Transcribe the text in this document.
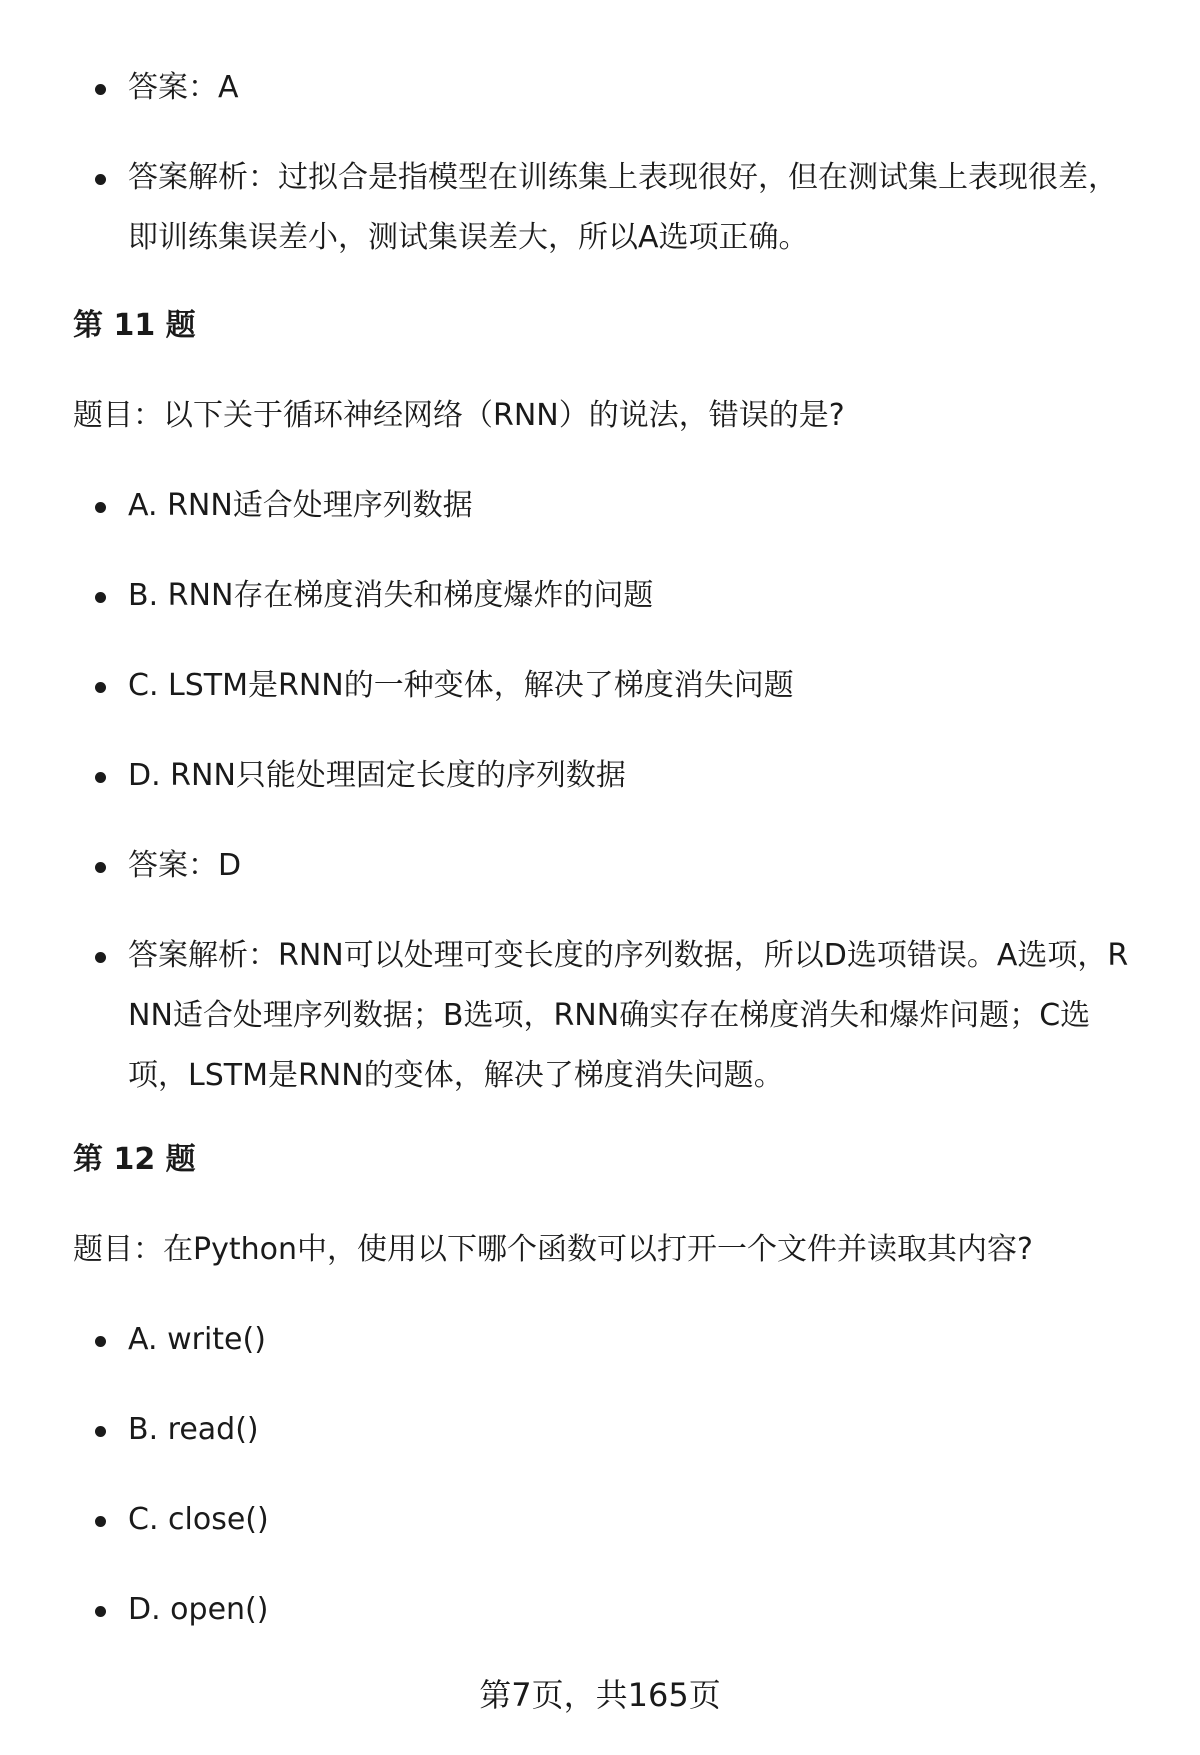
答案：A
答案解析：过拟合是指模型在训练集上表现很好，但在测试集上表现很差，即训练集误差小，测试集误差大，所以A选项正确。
第 11 题
题目：以下关于循环神经网络（RNN）的说法，错误的是?
A. RNN适合处理序列数据
B. RNN存在梯度消失和梯度爆炸的问题
C. LSTM是RNN的一种变体，解决了梯度消失问题
D. RNN只能处理固定长度的序列数据
答案：D
答案解析：RNN可以处理可变长度的序列数据，所以D选项错误。A选项，RNN适合处理序列数据；B选项，RNN确实存在梯度消失和爆炸问题；C选项，LSTM是RNN的变体，解决了梯度消失问题。
第 12 题
题目：在Python中，使用以下哪个函数可以打开一个文件并读取其内容?
A. write()
B. read()
C. close()
D. open()
第7页，共165页
